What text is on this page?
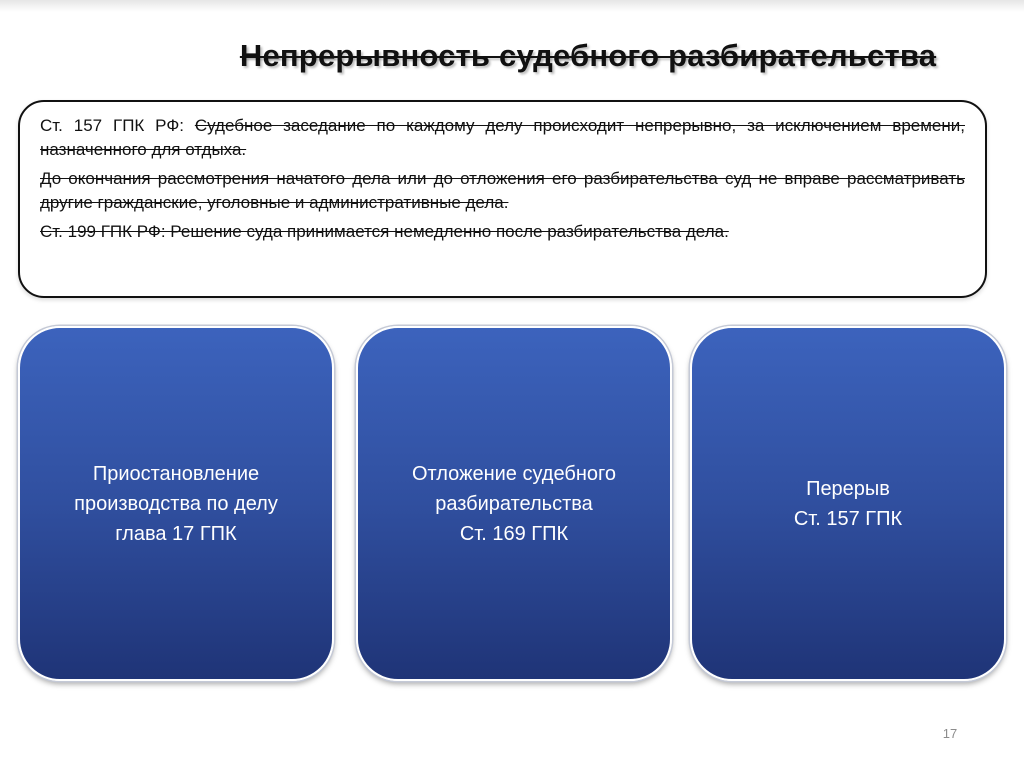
Непрерывность судебного разбирательства

Ст. 157 ГПК РФ: Судебное заседание по каждому делу происходит непрерывно, за исключением времени, назначенного для отдыха.

До окончания рассмотрения начатого дела или до отложения его разбирательства суд не вправе рассматривать другие гражданские, уголовные и административные дела.

Ст. 199 ГПК РФ: Решение суда принимается немедленно после разбирательства дела.

Приостановление
производства по делу
глава 17 ГПК
Отложение судебного
разбирательства
Ст. 169 ГПК
Перерыв
Ст. 157 ГПК
17
